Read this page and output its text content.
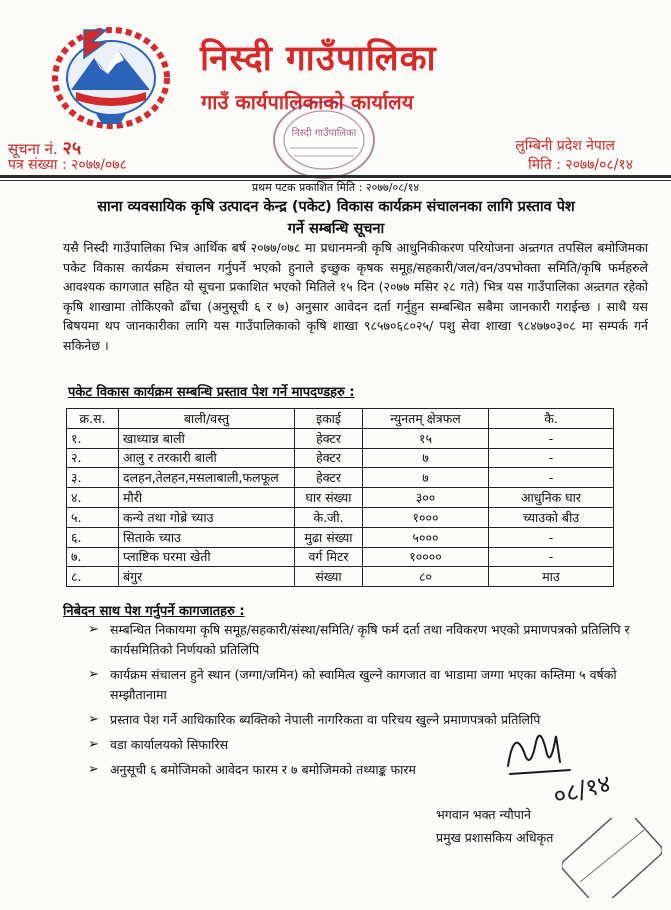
निस्दी गाउँपालिका
गाउँ कार्यपालिकाको कार्यालय
निस्दी गाउँपालिका
सूचना नं. २५
पत्र संख्या : २०७७/०७८
लुम्बिनी प्रदेश नेपाल
मिति : २०७७/०८/१४
प्रथम पटक प्रकाशित मिति : २०७७/०८/१४
साना व्यवसायिक कृषि उत्पादन केन्द्र (पकेट) विकास कार्यक्रम संचालनका लागि प्रस्ताव पेश
गर्ने सम्बन्धि सूचना
यसै निस्दी गाउँपालिका भित्र आर्थिक बर्ष २०७७/०७८ मा प्रधानमन्त्री कृषि आधुनिकीकरण परियोजना अन्र्तगत तपसिल बमोजिमका पकेट विकास कार्यक्रम संचालन गर्नुपर्ने भएको हुनाले इच्छुक कृषक समूह/सहकारी/जल/वन/उपभोक्ता समिति/कृषि फर्महरुले आवश्यक कागजात सहित यो सूचना प्रकाशित भएको मितिले १५ दिन (२०७७ मसिर २८ गते) भित्र यस गाउँपालिका अन्र्तगत रहेको कृषि शाखामा तोकिएको ढाँचा (अनुसूची ६ र ७) अनुसार आवेदन दर्ता गर्नुहुन सम्बन्धित सबैमा जानकारी गराईन्छ । साथै यस बिषयमा थप जानकारीका लागि यस गाउँपालिकाको कृषि शाखा ९८५७०६८०२५/ पशु सेवा शाखा ९८४७७०३०८ मा सम्पर्क गर्न सकिनेछ ।
पकेट विकास कार्यक्रम सम्बन्धि प्रस्ताव पेश गर्ने मापदण्डहरु :
क्र.स.	बाली/वस्तु	इकाई	न्युनतम् क्षेत्रफल	कै.
१.	खाध्यान्न बाली	हेक्टर	१५	-
२.	आलु र तरकारी बाली	हेक्टर	७	-
३.	दलहन,तेलहन,मसलाबाली,फलफूल	हेक्टर	७	-
४.	मौरी	घार संख्या	३००	आधुनिक घार
५.	कन्ये तथा गोब्रे च्याउ	के.जी.	१०००	च्याउको बीउ
६.	सिताके च्याउ	मुढा संख्या	५०००	-
७.	प्लाष्टिक घरमा खेती	वर्ग मिटर	१००००	-
८.	बंगुर	संख्या	८०	माउ
निबेदन साथ पेश गर्नुपर्ने कागजातहरु :
➢ सम्बन्धित निकायमा कृषि समूह/सहकारी/संस्था/समिति/ कृषि फर्म दर्ता तथा नविकरण भएको प्रमाणपत्रको प्रतिलिपि र कार्यसमितिको निर्णयको प्रतिलिपि
➢ कार्यक्रम संचालन हुने स्थान (जग्गा/जमिन) को स्वामित्व खुल्ने कागजात वा भाडामा जग्गा भएका कम्तिमा ५ वर्षको सम्झौतानामा
➢ प्रस्ताव पेश गर्ने आधिकारिक ब्यक्तिको नेपाली नागरिकता वा परिचय खुल्ने प्रमाणपत्रको प्रतिलिपि
➢ वडा कार्यालयको सिफारिस
➢ अनुसूची ६ बमोजिमको आवेदन फारम र ७ बमोजिमको तथ्याङ्क फारम	०८/१४
भगवान भक्त न्यौपाने
प्रमुख प्रशासकिय अधिकृत
